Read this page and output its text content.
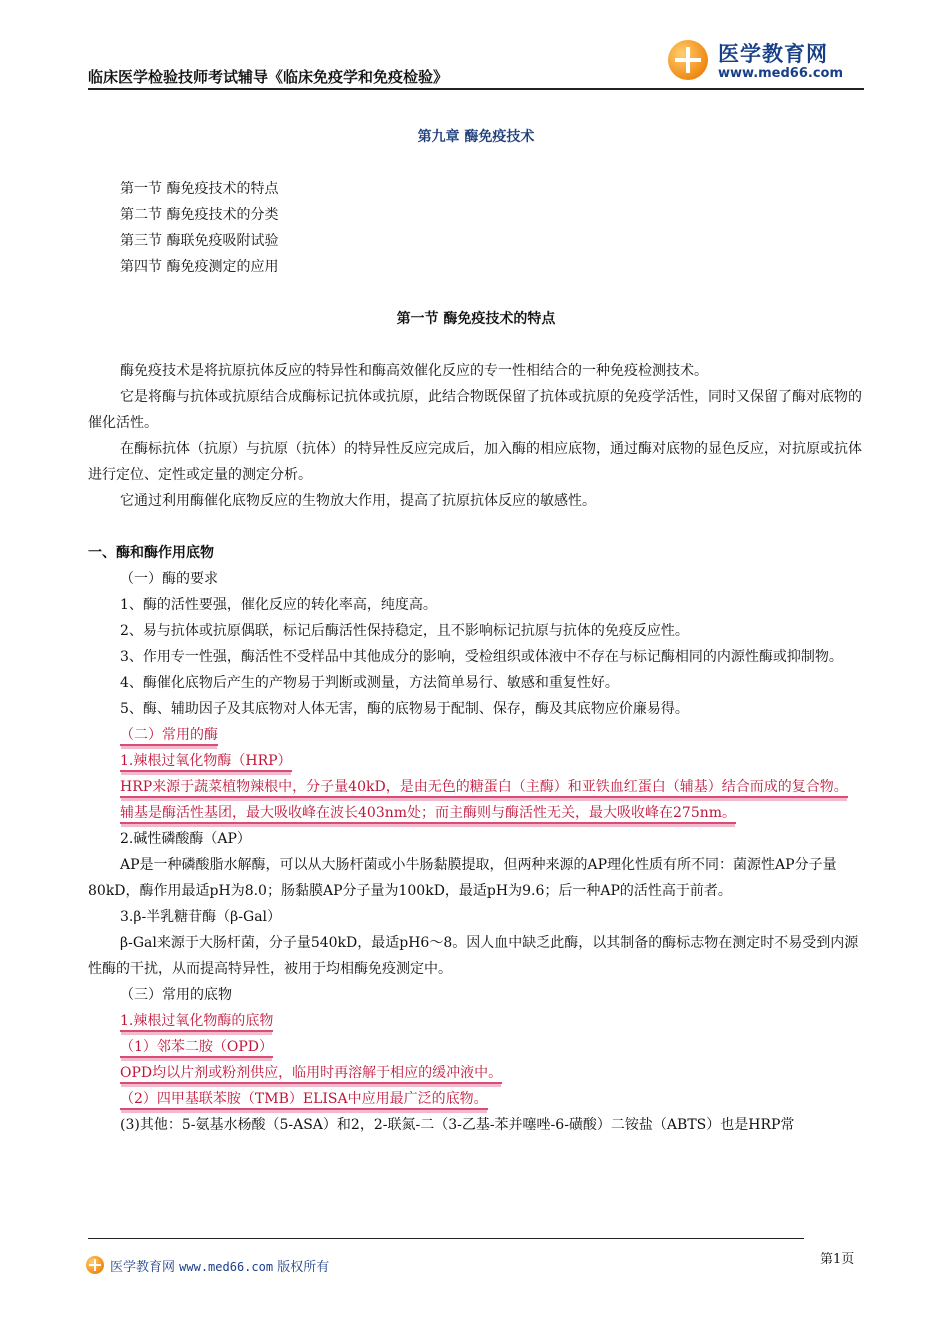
临床医学检验技师考试辅导《临床免疫学和免疫检验》
医学教育网
www.med66.com

第九章 酶免疫技术

第一节 酶免疫技术的特点

第二节 酶免疫技术的分类

第三节 酶联免疫吸附试验

第四节 酶免疫测定的应用

第一节 酶免疫技术的特点

酶免疫技术是将抗原抗体反应的特异性和酶高效催化反应的专一性相结合的一种免疫检测技术。

它是将酶与抗体或抗原结合成酶标记抗体或抗原，此结合物既保留了抗体或抗原的免疫学活性，同时又保留了酶对底物的催化活性。

在酶标抗体（抗原）与抗原（抗体）的特异性反应完成后，加入酶的相应底物，通过酶对底物的显色反应，对抗原或抗体进行定位、定性或定量的测定分析。

它通过利用酶催化底物反应的生物放大作用，提高了抗原抗体反应的敏感性。

一、酶和酶作用底物

（一）酶的要求

1、酶的活性要强，催化反应的转化率高，纯度高。

2、易与抗体或抗原偶联，标记后酶活性保持稳定，且不影响标记抗原与抗体的免疫反应性。

3、作用专一性强，酶活性不受样品中其他成分的影响，受检组织或体液中不存在与标记酶相同的内源性酶或抑制物。

4、酶催化底物后产生的产物易于判断或测量，方法简单易行、敏感和重复性好。

5、酶、辅助因子及其底物对人体无害，酶的底物易于配制、保存，酶及其底物应价廉易得。

（二）常用的酶

1.辣根过氧化物酶（HRP）

HRP来源于蔬菜植物辣根中，分子量40kD，是由无色的糖蛋白（主酶）和亚铁血红蛋白（辅基）结合而成的复合物。

辅基是酶活性基团，最大吸收峰在波长403nm处；而主酶则与酶活性无关，最大吸收峰在275nm。

2.碱性磷酸酶（AP）

AP是一种磷酸脂水解酶，可以从大肠杆菌或小牛肠黏膜提取，但两种来源的AP理化性质有所不同：菌源性AP分子量80kD，酶作用最适pH为8.0；肠黏膜AP分子量为100kD，最适pH为9.6；后一种AP的活性高于前者。

3.β-半乳糖苷酶（β-Gal）

β-Gal来源于大肠杆菌，分子量540kD，最适pH6～8。因人血中缺乏此酶，以其制备的酶标志物在测定时不易受到内源性酶的干扰，从而提高特异性，被用于均相酶免疫测定中。

（三）常用的底物

1.辣根过氧化物酶的底物

（1）邻苯二胺（OPD）

OPD均以片剂或粉剂供应，临用时再溶解于相应的缓冲液中。

（2）四甲基联苯胺（TMB）ELISA中应用最广泛的底物。

(3)其他：5-氨基水杨酸（5-ASA）和2，2-联氮-二（3-乙基-苯并噻唑-6-磺酸）二铵盐（ABTS）也是HRP常

医学教育网 www.med66.com 版权所有
第1页
